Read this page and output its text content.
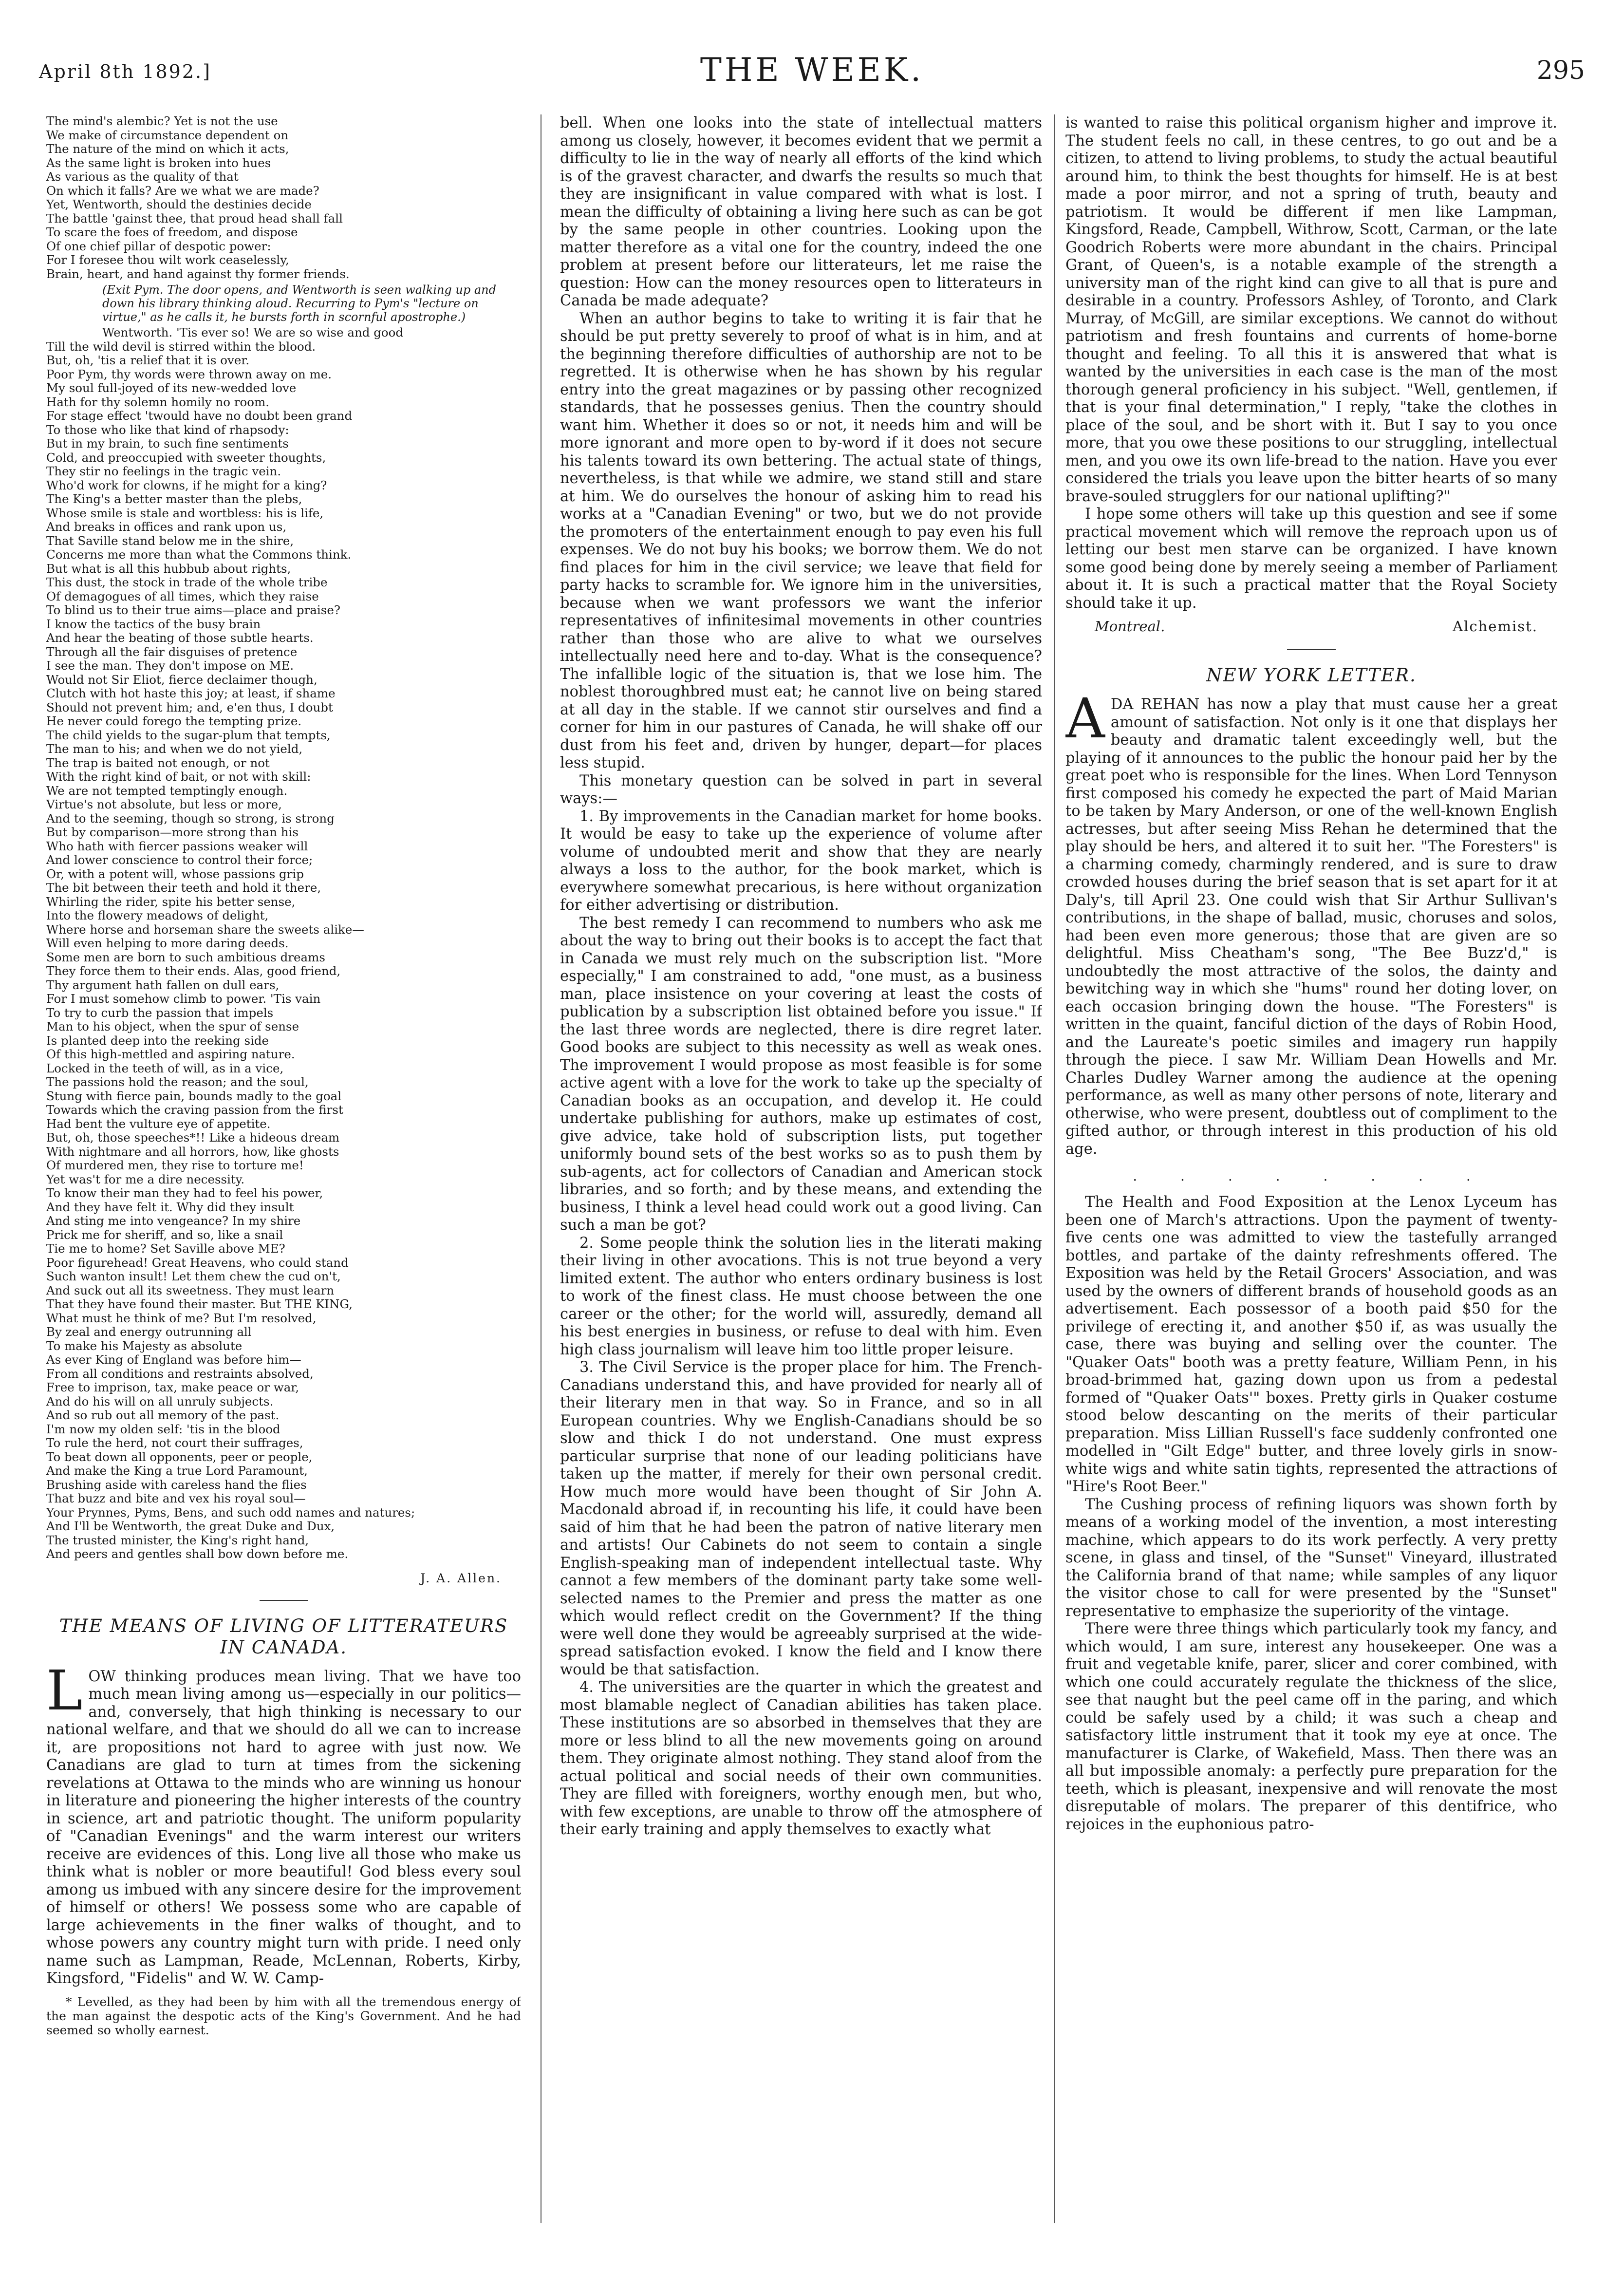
April 8th 1892.]	THE WEEK.	295
The mind's alembic? Yet is not the use
We make of circumstance dependent on
The nature of the mind on which it acts,
As the same light is broken into hues
As various as the quality of that
On which it falls? Are we what we are made?
Yet, Wentworth, should the destinies decide
The battle 'gainst thee, that proud head shall fall
To scare the foes of freedom, and dispose
Of one chief pillar of despotic power:
For I foresee thou wilt work ceaselessly,
Brain, heart, and hand against thy former friends.
(Exit Pym. The door opens, and Wentworth is seen walking up and down his library thinking aloud. Recurring to Pym's "lecture on virtue," as he calls it, he bursts forth in scornful apostrophe.)
Wentworth. 'Tis ever so! We are so wise and good
Till the wild devil is stirred within the blood.
But, oh, 'tis a relief that it is over.
Poor Pym, thy words were thrown away on me.
My soul full-joyed of its new-wedded love
Hath for thy solemn homily no room.
For stage effect 'twould have no doubt been grand
To those who like that kind of rhapsody:
But in my brain, to such fine sentiments
Cold, and preoccupied with sweeter thoughts,
They stir no feelings in the tragic vein.
Who'd work for clowns, if he might for a king?
The King's a better master than the plebs,
Whose smile is stale and wortbless: his is life,
And breaks in offices and rank upon us,
That Saville stand below me in the shire,
Concerns me more than what the Commons think.
But what is all this hubbub about rights,
This dust, the stock in trade of the whole tribe
Of demagogues of all times, which they raise
To blind us to their true aims—place and praise?
I know the tactics of the busy brain
And hear the beating of those subtle hearts.
Through all the fair disguises of pretence
I see the man. They don't impose on ME.
Would not Sir Eliot, fierce declaimer though,
Clutch with hot haste this joy; at least, if shame
Should not prevent him; and, e'en thus, I doubt
He never could forego the tempting prize.
The child yields to the sugar-plum that tempts,
The man to his; and when we do not yield,
The trap is baited not enough, or not
With the right kind of bait, or not with skill:
We are not tempted temptingly enough.
Virtue's not absolute, but less or more,
And to the seeming, though so strong, is strong
But by comparison—more strong than his
Who hath with fiercer passions weaker will
And lower conscience to control their force;
Or, with a potent will, whose passions grip
The bit between their teeth and hold it there,
Whirling the rider, spite his better sense,
Into the flowery meadows of delight,
Where horse and horseman share the sweets alike—
Will even helping to more daring deeds.
Some men are born to such ambitious dreams
They force them to their ends. Alas, good friend,
Thy argument hath fallen on dull ears,
For I must somehow climb to power. 'Tis vain
To try to curb the passion that impels
Man to his object, when the spur of sense
Is planted deep into the reeking side
Of this high-mettled and aspiring nature.
Locked in the teeth of will, as in a vice,
The passions hold the reason; and the soul,
Stung with fierce pain, bounds madly to the goal
Towards which the craving passion from the first
Had bent the vulture eye of appetite.
But, oh, those speeches*!! Like a hideous dream
With nightmare and all horrors, how, like ghosts
Of murdered men, they rise to torture me!
Yet was't for me a dire necessity.
To know their man they had to feel his power,
And they have felt it. Why did they insult
And sting me into vengeance? In my shire
Prick me for sheriff, and so, like a snail
Tie me to home? Set Saville above ME?
Poor figurehead! Great Heavens, who could stand
Such wanton insult! Let them chew the cud on't,
And suck out all its sweetness. They must learn
That they have found their master. But THE KING,
What must he think of me? But I'm resolved,
By zeal and energy outrunning all
To make his Majesty as absolute
As ever King of England was before him—
From all conditions and restraints absolved,
Free to imprison, tax, make peace or war,
And do his will on all unruly subjects.
And so rub out all memory of the past.
I'm now my olden self: 'tis in the blood
To rule the herd, not court their suffrages,
To beat down all opponents, peer or people,
And make the King a true Lord Paramount,
Brushing aside with careless hand the flies
That buzz and bite and vex his royal soul—
Your Prynnes, Pyms, Bens, and such odd names and natures;
And I'll be Wentworth, the great Duke and Dux,
The trusted minister, the King's right hand,
And peers and gentles shall bow down before me.
J. A. Allen.
THE MEANS OF LIVING OF LITTERATEURS IN CANADA.

LOW thinking produces mean living. That we have too much mean living among us—especially in our politics—and, conversely, that high thinking is necessary to our national welfare, and that we should do all we can to increase it, are propositions not hard to agree with just now. We Canadians are glad to turn at times from the sickening revelations at Ottawa to the minds who are winning us honour in literature and pioneering the higher interests of the country in science, art and patriotic thought. The uniform popularity of "Canadian Evenings" and the warm interest our writers receive are evidences of this. Long live all those who make us think what is nobler or more beautiful! God bless every soul among us imbued with any sincere desire for the improvement of himself or others! We possess some who are capable of large achievements in the finer walks of thought, and to whose powers any country might turn with pride. I need only name such as Lampman, Reade, McLennan, Roberts, Kirby, Kingsford, "Fidelis" and W. W. Camp-

* Levelled, as they had been by him with all the tremendous energy of the man against the despotic acts of the King's Government. And he had seemed so wholly earnest.

bell. When one looks into the state of intellectual matters among us closely, however, it becomes evident that we permit a difficulty to lie in the way of nearly all efforts of the kind which is of the gravest character, and dwarfs the results so much that they are insignificant in value compared with what is lost. I mean the difficulty of obtaining a living here such as can be got by the same people in other countries. Looking upon the matter therefore as a vital one for the country, indeed the one problem at present before our litterateurs, let me raise the question: How can the money resources open to litterateurs in Canada be made adequate?

When an author begins to take to writing it is fair that he should be put pretty severely to proof of what is in him, and at the beginning therefore difficulties of authorship are not to be regretted. It is otherwise when he has shown by his regular entry into the great magazines or by passing other recognized standards, that he possesses genius. Then the country should want him. Whether it does so or not, it needs him and will be more ignorant and more open to by-word if it does not secure his talents toward its own bettering. The actual state of things, nevertheless, is that while we admire, we stand still and stare at him. We do ourselves the honour of asking him to read his works at a "Canadian Evening" or two, but we do not provide the promoters of the entertainment enough to pay even his full expenses. We do not buy his books; we borrow them. We do not find places for him in the civil service; we leave that field for party hacks to scramble for. We ignore him in the universities, because when we want professors we want the inferior representatives of infinitesimal movements in other countries rather than those who are alive to what we ourselves intellectually need here and to-day. What is the consequence? The infallible logic of the situation is, that we lose him. The noblest thoroughbred must eat; he cannot live on being stared at all day in the stable. If we cannot stir ourselves and find a corner for him in our pastures of Canada, he will shake off our dust from his feet and, driven by hunger, depart—for places less stupid.

This monetary question can be solved in part in several ways:—

1. By improvements in the Canadian market for home books. It would be easy to take up the experience of volume after volume of undoubted merit and show that they are nearly always a loss to the author, for the book market, which is everywhere somewhat precarious, is here without organization for either advertising or distribution.

The best remedy I can recommend to numbers who ask me about the way to bring out their books is to accept the fact that in Canada we must rely much on the subscription list. "More especially," I am constrained to add, "one must, as a business man, place insistence on your covering at least the costs of publication by a subscription list obtained before you issue." If the last three words are neglected, there is dire regret later. Good books are subject to this necessity as well as weak ones. The improvement I would propose as most feasible is for some active agent with a love for the work to take up the specialty of Canadian books as an occupation, and develop it. He could undertake publishing for authors, make up estimates of cost, give advice, take hold of subscription lists, put together uniformly bound sets of the best works so as to push them by sub-agents, act for collectors of Canadian and American stock libraries, and so forth; and by these means, and extending the business, I think a level head could work out a good living. Can such a man be got?

2. Some people think the solution lies in the literati making their living in other avocations. This is not true beyond a very limited extent. The author who enters ordinary business is lost to work of the finest class. He must choose between the one career or the other; for the world will, assuredly, demand all his best energies in business, or refuse to deal with him. Even high class journalism will leave him too little proper leisure.

3. The Civil Service is the proper place for him. The French-Canadians understand this, and have provided for nearly all of their literary men in that way. So in France, and so in all European countries. Why we English-Canadians should be so slow and thick I do not understand. One must express particular surprise that none of our leading politicians have taken up the matter, if merely for their own personal credit. How much more would have been thought of Sir John A. Macdonald abroad if, in recounting his life, it could have been said of him that he had been the patron of native literary men and artists! Our Cabinets do not seem to contain a single English-speaking man of independent intellectual taste. Why cannot a few members of the dominant party take some well-selected names to the Premier and press the matter as one which would reflect credit on the Government? If the thing were well done they would be agreeably surprised at the wide-spread satisfaction evoked. I know the field and I know there would be that satisfaction.

4. The universities are the quarter in which the greatest and most blamable neglect of Canadian abilities has taken place. These institutions are so absorbed in themselves that they are more or less blind to all the new movements going on around them. They originate almost nothing. They stand aloof from the actual political and social needs of their own communities. They are filled with foreigners, worthy enough men, but who, with few exceptions, are unable to throw off the atmosphere of their early training and apply themselves to exactly what

is wanted to raise this political organism higher and improve it. The student feels no call, in these centres, to go out and be a citizen, to attend to living problems, to study the actual beautiful around him, to think the best thoughts for himself. He is at best made a poor mirror, and not a spring of truth, beauty and patriotism. It would be different if men like Lampman, Kingsford, Reade, Campbell, Withrow, Scott, Carman, or the late Goodrich Roberts were more abundant in the chairs. Principal Grant, of Queen's, is a notable example of the strength a university man of the right kind can give to all that is pure and desirable in a country. Professors Ashley, of Toronto, and Clark Murray, of McGill, are similar exceptions. We cannot do without patriotism and fresh fountains and currents of home-borne thought and feeling. To all this it is answered that what is wanted by the universities in each case is the man of the most thorough general proficiency in his subject. "Well, gentlemen, if that is your final determination," I reply, "take the clothes in place of the soul, and be short with it. But I say to you once more, that you owe these positions to our struggling, intellectual men, and you owe its own life-bread to the nation. Have you ever considered the trials you leave upon the bitter hearts of so many brave-souled strugglers for our national uplifting?"

I hope some others will take up this question and see if some practical movement which will remove the reproach upon us of letting our best men starve can be organized. I have known some good being done by merely seeing a member of Parliament about it. It is such a practical matter that the Royal Society should take it up.

Montreal.	Alchemist.
NEW YORK LETTER.

ADA REHAN has now a play that must cause her a great amount of satisfaction. Not only is it one that displays her beauty and dramatic talent exceedingly well, but the playing of it announces to the public the honour paid her by the great poet who is responsible for the lines. When Lord Tennyson first composed his comedy he expected the part of Maid Marian to be taken by Mary Anderson, or one of the well-known English actresses, but after seeing Miss Rehan he determined that the play should be hers, and altered it to suit her. "The Foresters" is a charming comedy, charmingly rendered, and is sure to draw crowded houses during the brief season that is set apart for it at Daly's, till April 23. One could wish that Sir Arthur Sullivan's contributions, in the shape of ballad, music, choruses and solos, had been even more generous; those that are given are so delightful. Miss Cheatham's song, "The Bee Buzz'd," is undoubtedly the most attractive of the solos, the dainty and bewitching way in which she "hums" round her doting lover, on each occasion bringing down the house. "The Foresters" is written in the quaint, fanciful diction of the days of Robin Hood, and the Laureate's poetic similes and imagery run happily through the piece. I saw Mr. William Dean Howells and Mr. Charles Dudley Warner among the audience at the opening performance, as well as many other persons of note, literary and otherwise, who were present, doubtless out of compliment to the gifted author, or through interest in this production of his old age.

. . . . . . . .

The Health and Food Exposition at the Lenox Lyceum has been one of March's attractions. Upon the payment of twenty-five cents one was admitted to view the tastefully arranged bottles, and partake of the dainty refreshments offered. The Exposition was held by the Retail Grocers' Association, and was used by the owners of different brands of household goods as an advertisement. Each possessor of a booth paid $50 for the privilege of erecting it, and another $50 if, as was usually the case, there was buying and selling over the counter. The "Quaker Oats" booth was a pretty feature, William Penn, in his broad-brimmed hat, gazing down upon us from a pedestal formed of "Quaker Oats'" boxes. Pretty girls in Quaker costume stood below descanting on the merits of their particular preparation. Miss Lillian Russell's face suddenly confronted one modelled in "Gilt Edge" butter, and three lovely girls in snow-white wigs and white satin tights, represented the attractions of "Hire's Root Beer."

The Cushing process of refining liquors was shown forth by means of a working model of the invention, a most interesting machine, which appears to do its work perfectly. A very pretty scene, in glass and tinsel, of the "Sunset" Vineyard, illustrated the California brand of that name; while samples of any liquor the visitor chose to call for were presented by the "Sunset" representative to emphasize the superiority of the vintage.

There were three things which particularly took my fancy, and which would, I am sure, interest any housekeeper. One was a fruit and vegetable knife, parer, slicer and corer combined, with which one could accurately regulate the thickness of the slice, see that naught but the peel came off in the paring, and which could be safely used by a child; it was such a cheap and satisfactory little instrument that it took my eye at once. The manufacturer is Clarke, of Wakefield, Mass. Then there was an all but impossible anomaly: a perfectly pure preparation for the teeth, which is pleasant, inexpensive and will renovate the most disreputable of molars. The preparer of this dentifrice, who rejoices in the euphonious patro-
